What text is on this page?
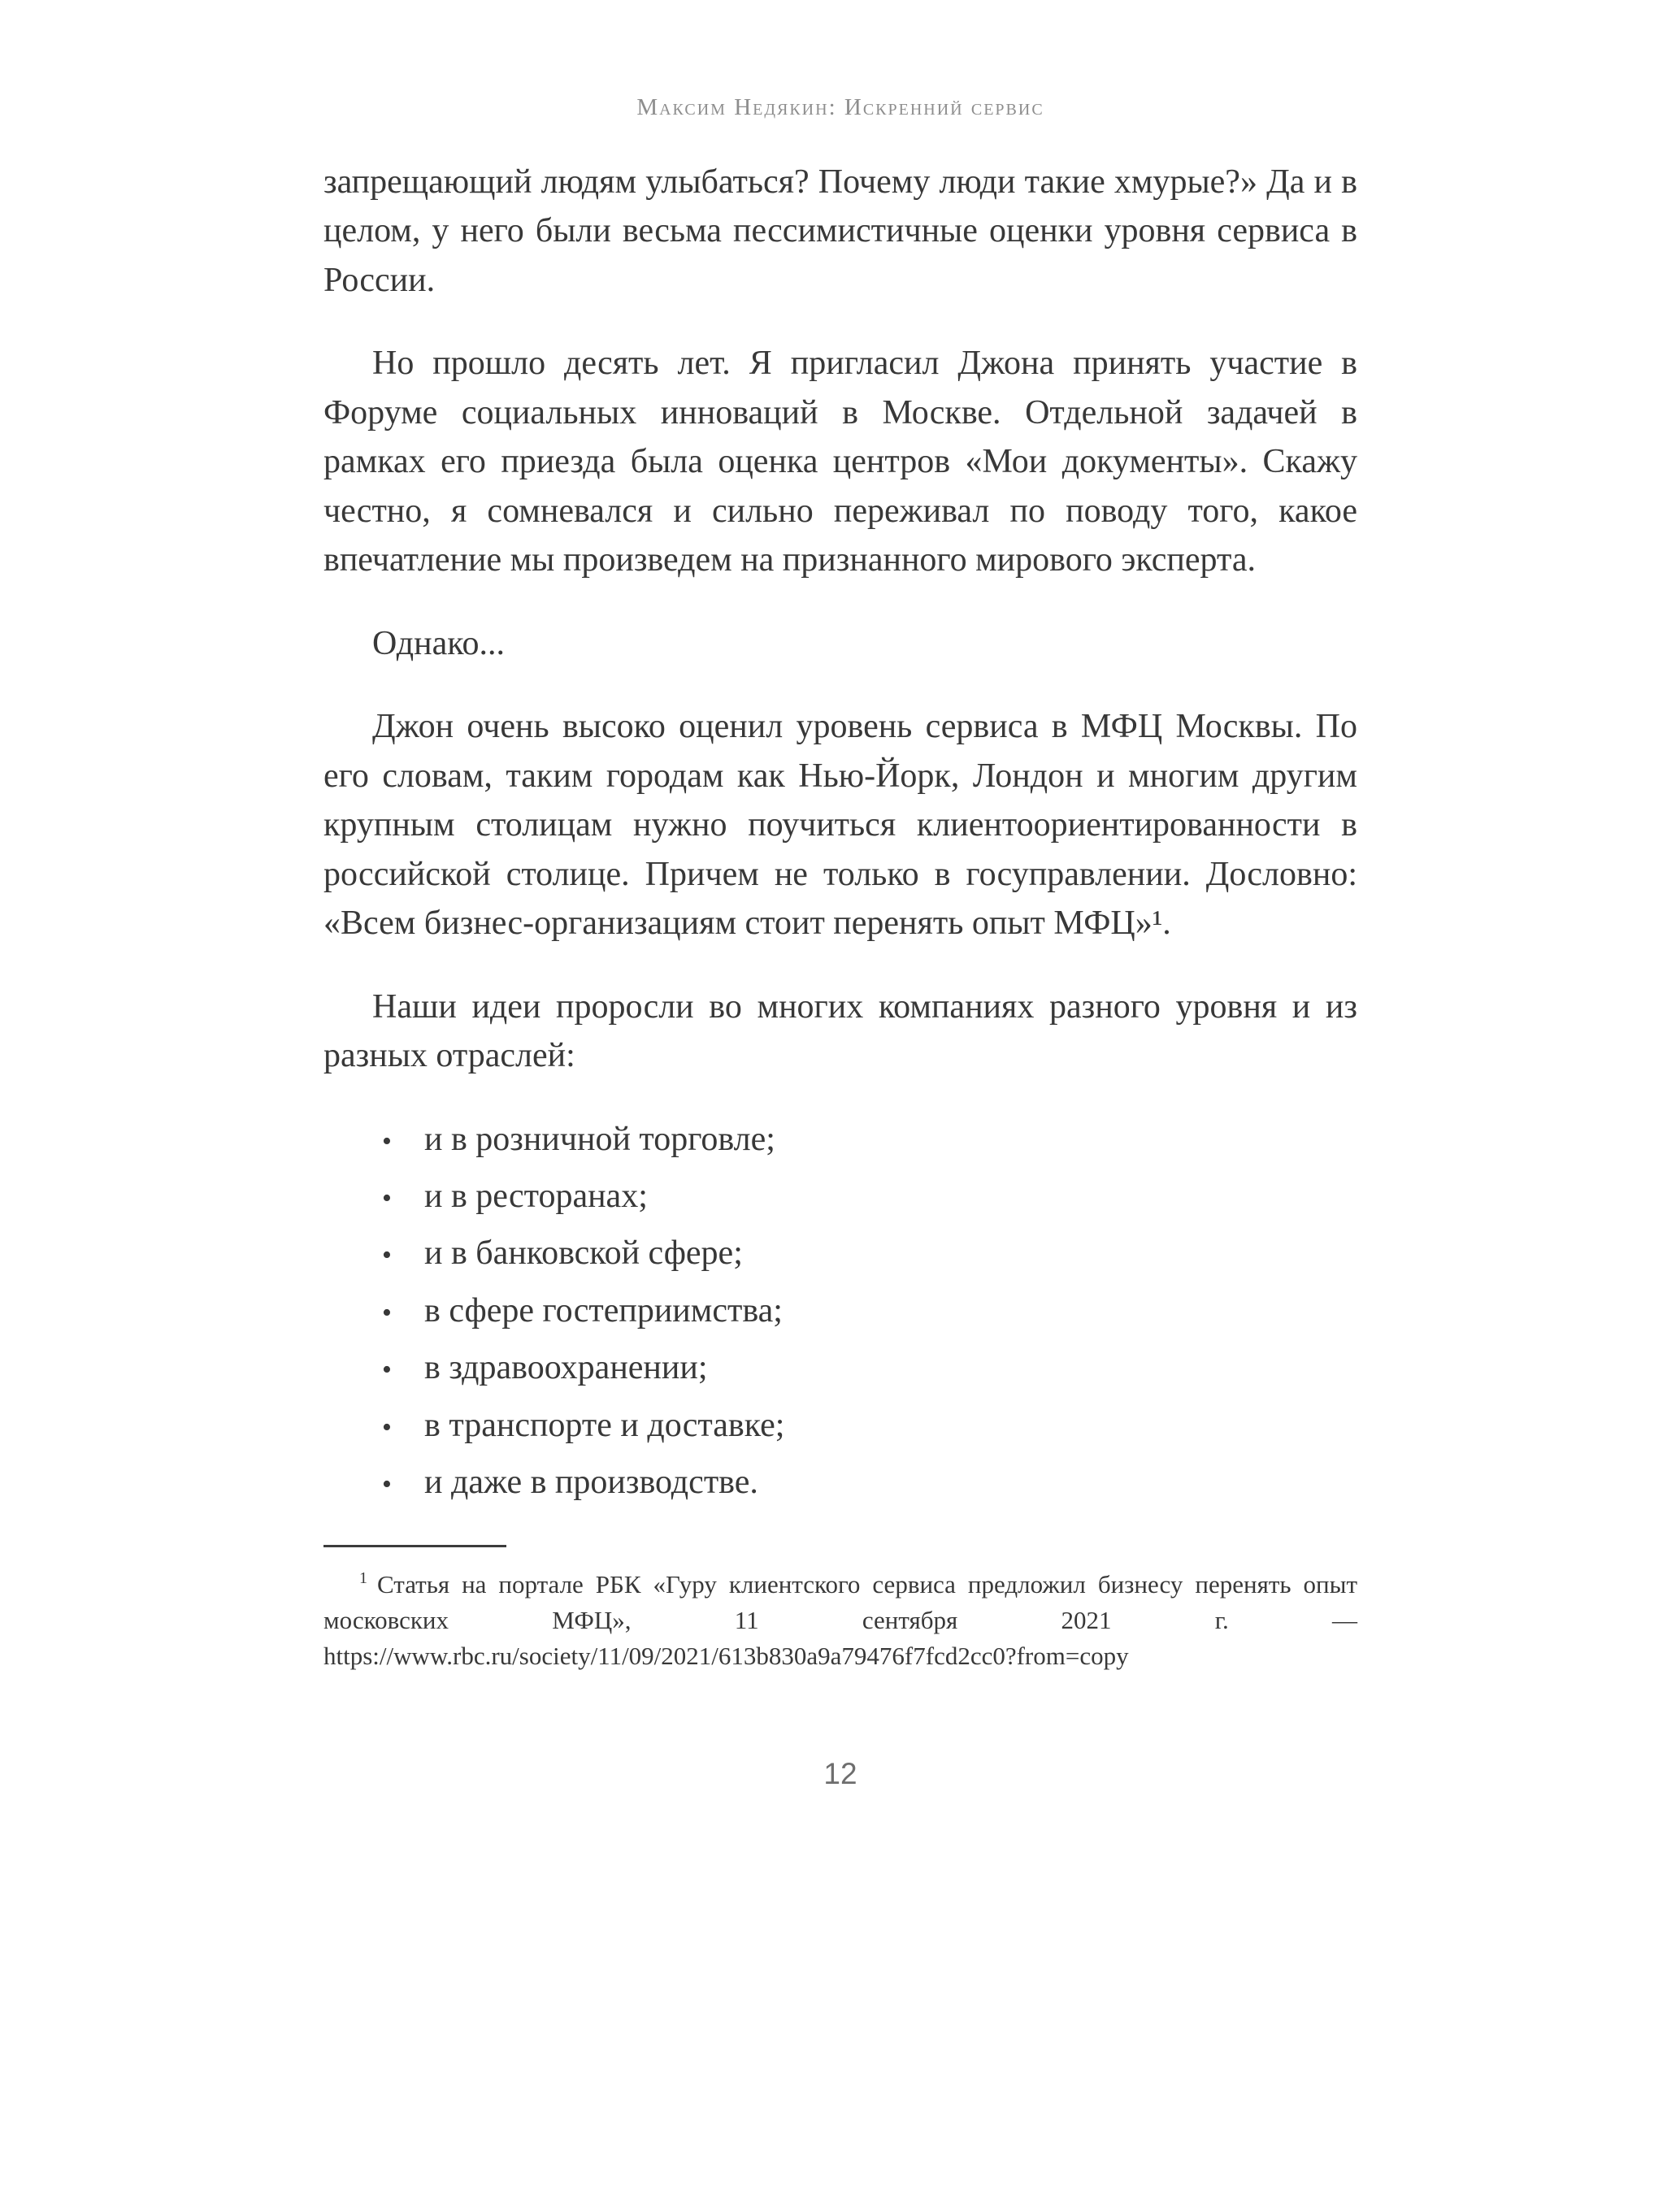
Максим Недякин: Искренний сервис

запрещающий людям улыбаться? Почему люди такие хмурые?» Да и в целом, у него были весьма пессимистичные оценки уровня сервиса в России.

Но прошло десять лет. Я пригласил Джона принять участие в Форуме социальных инноваций в Москве. Отдельной задачей в рамках его приезда была оценка центров «Мои документы». Скажу честно, я сомневался и сильно переживал по поводу того, какое впечатление мы произведем на признанного мирового эксперта.

Однако...

Джон очень высоко оценил уровень сервиса в МФЦ Москвы. По его словам, таким городам как Нью-Йорк, Лондон и многим другим крупным столицам нужно поучиться клиентоориентированности в российской столице. Причем не только в госуправлении. Дословно: «Всем бизнес-организациям стоит перенять опыт МФЦ»¹.

Наши идеи проросли во многих компаниях разного уровня и из разных отраслей:

• и в розничной торговле;
• и в ресторанах;
• и в банковской сфере;
• в сфере гостеприимства;
• в здравоохранении;
• в транспорте и доставке;
• и даже в производстве.

$^1$ Статья на портале РБК «Гуру клиентского сервиса предложил бизнесу перенять опыт московских МФЦ», 11 сентября 2021 г. — https://www.rbc.ru/society/11/09/2021/613b830a9a79476f7fcd2cc0?from=copy

12
